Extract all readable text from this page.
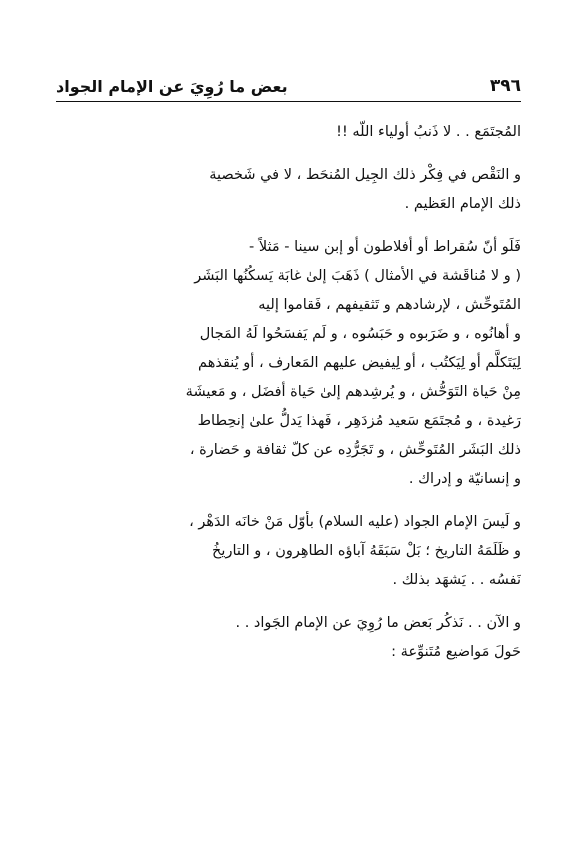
بعض ما رُوِيَ عن الإمام الجواد	٣٩٦
المُجتَمَع . . لا ذَنبُ أولياء اللّه !!
و النَقْص في فِكْر ذلك الجِيل المُنحَط ، لا في شَخصية
ذلك الإمام العَظيم .
فَلَو أنّ سُقراط أو أفلاطون أو إبن سينا - مَثلاً -
( و لا مُناقَشة في الأمثال ) ذَهَبَ إلىٰ غابَة يَسكُنُها البَشَر
المُتَوحِّش ، لإرشادهم و تَثقيفهم ، فَقاموا إليه
و أهانُوه ، و ضَرَبوه و حَبَسُوه ، و لَم يَفسَحُوا لَهُ المَجال
لِيَتَكلَّم أو لِيَكتُب ، أو لِيفيض عليهم المَعارف ، أو يُنقذهم
مِنْ حَياة التَوَحُّش ، و يُرشِدهم إلىٰ حَياة أفضَل ، و مَعيشَة
رَغيدة ، و مُجتَمَع سَعيد مُزدَهِر ، فَهذا يَدلُّ علىٰ إنحِطاط
ذلك البَشَر المُتَوحِّش ، و تَجَرُّدِه عن كلّ ثقافة و حَضارة ،
و إنسانيّة و إدراك .
و لَيسَ الإمام الجواد (عليه السلام) بأوّل مَنْ خانَه الدَهْر ،
و ظَلَمَهُ التاريخ ؛ بَلْ سَبَقَهُ آباؤه الطاهِرون ، و التاريخُ
نَفسُه . . يَشهَد بذلك .
و الآن . . نَذكُر بَعض ما رُوِيَ عن الإمام الجَواد . .
حَولَ مَواضيع مُتَنوِّعة :
